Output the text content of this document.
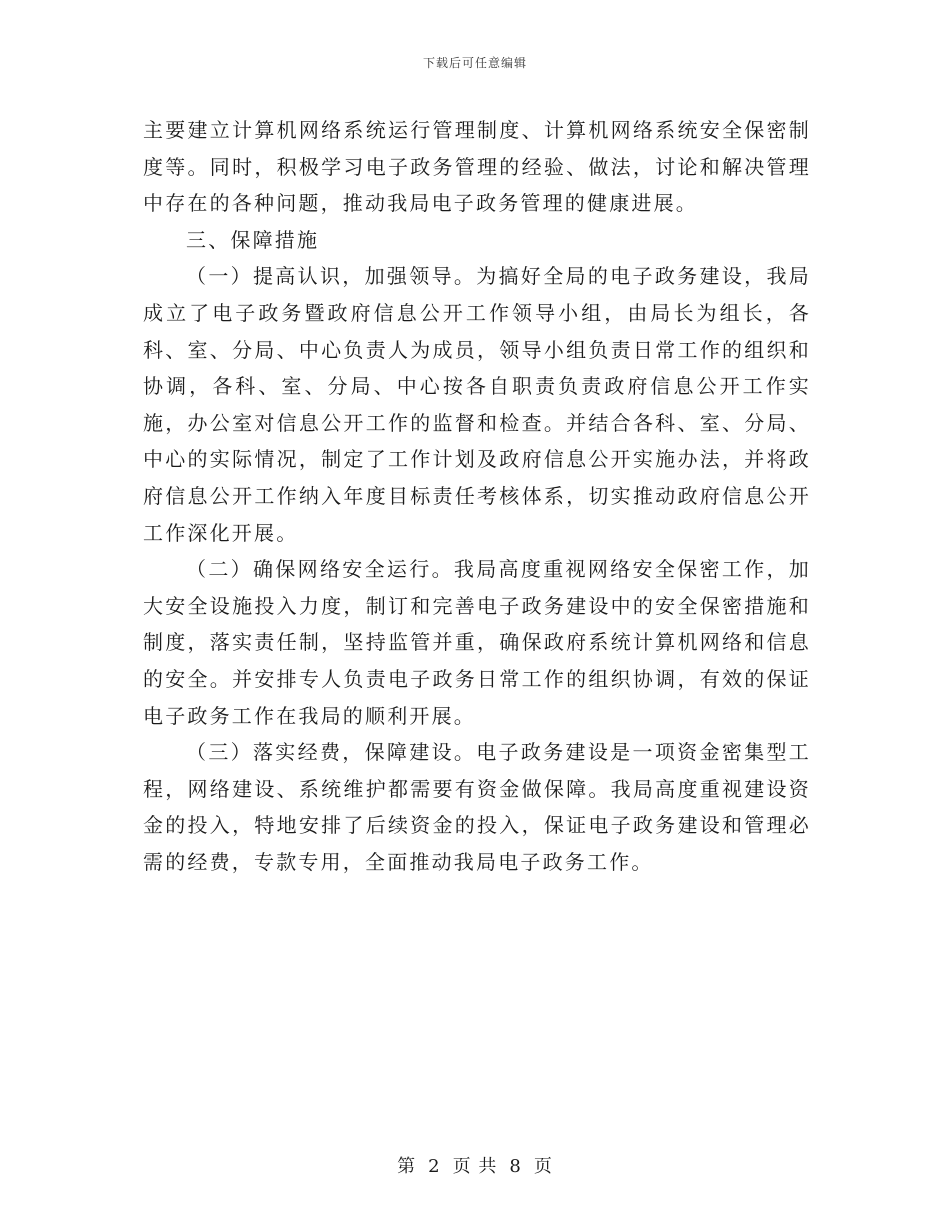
下载后可任意编辑

主要建立计算机网络系统运行管理制度、计算机网络系统安全保密制度等。同时，积极学习电子政务管理的经验、做法，讨论和解决管理中存在的各种问题，推动我局电子政务管理的健康进展。

三、保障措施

（一）提高认识，加强领导。为搞好全局的电子政务建设，我局成立了电子政务暨政府信息公开工作领导小组，由局长为组长，各科、室、分局、中心负责人为成员，领导小组负责日常工作的组织和协调，各科、室、分局、中心按各自职责负责政府信息公开工作实施，办公室对信息公开工作的监督和检查。并结合各科、室、分局、中心的实际情况，制定了工作计划及政府信息公开实施办法，并将政府信息公开工作纳入年度目标责任考核体系，切实推动政府信息公开工作深化开展。

（二）确保网络安全运行。我局高度重视网络安全保密工作，加大安全设施投入力度，制订和完善电子政务建设中的安全保密措施和制度，落实责任制，坚持监管并重，确保政府系统计算机网络和信息的安全。并安排专人负责电子政务日常工作的组织协调，有效的保证电子政务工作在我局的顺利开展。

（三）落实经费，保障建设。电子政务建设是一项资金密集型工程，网络建设、系统维护都需要有资金做保障。我局高度重视建设资金的投入，特地安排了后续资金的投入，保证电子政务建设和管理必需的经费，专款专用，全面推动我局电子政务工作。

第 2 页 共 8 页
